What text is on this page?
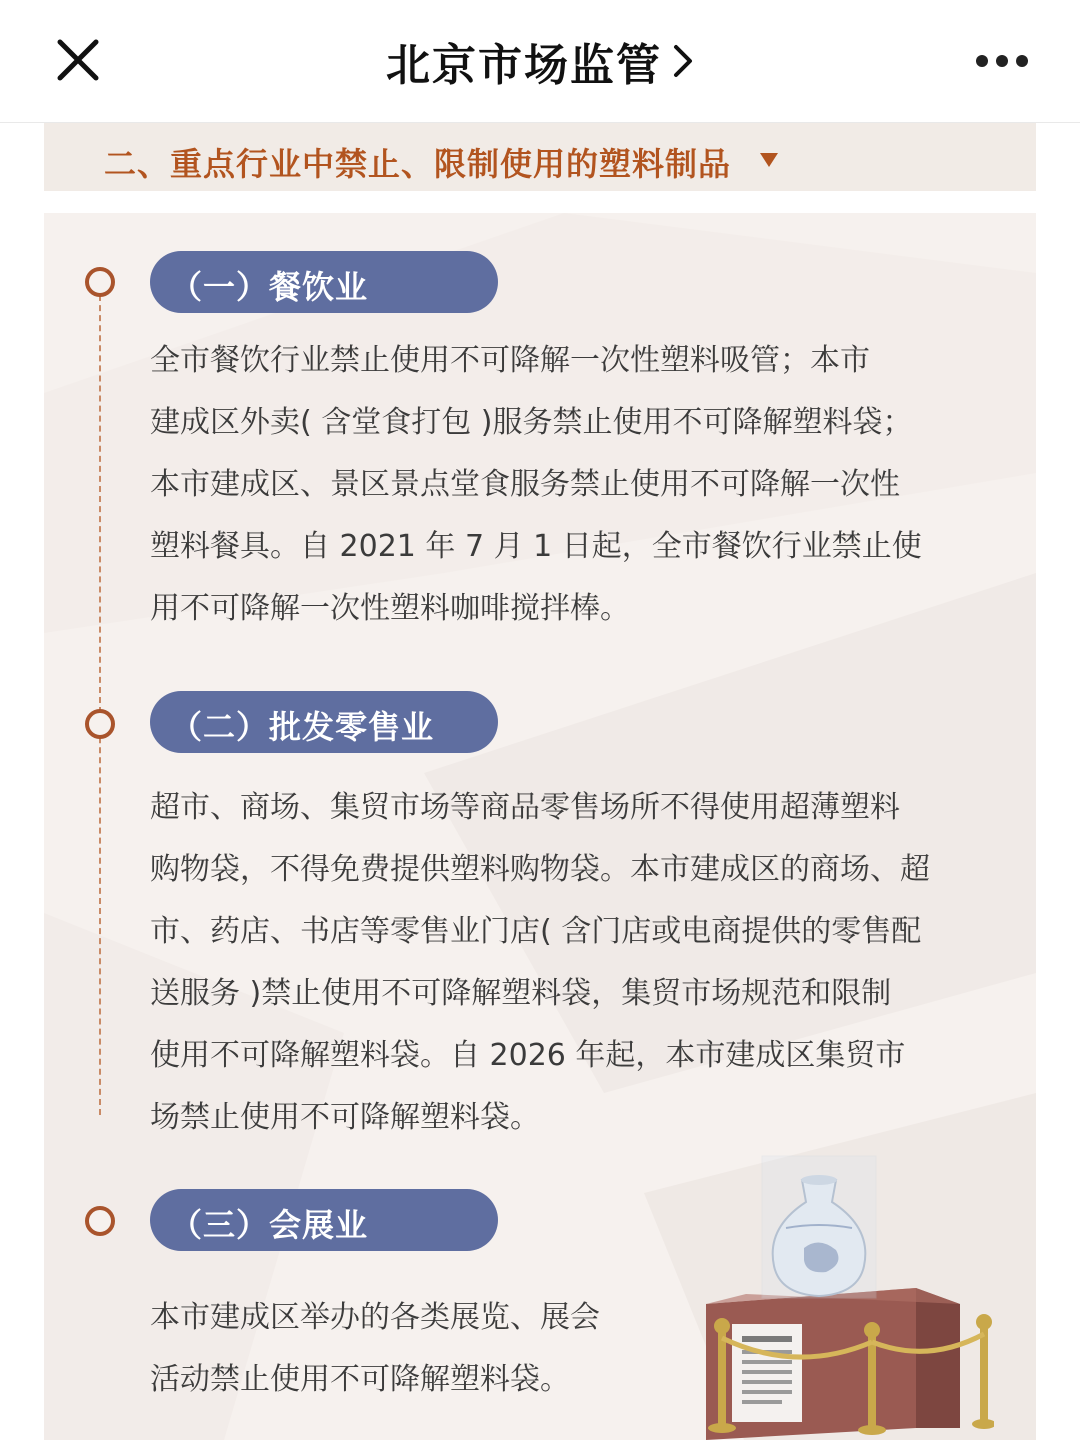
北京市场监管
二、重点行业中禁止、限制使用的塑料制品
（一）餐饮业
全市餐饮行业禁止使用不可降解一次性塑料吸管；本市
建成区外卖( 含堂食打包 )服务禁止使用不可降解塑料袋；
本市建成区、景区景点堂食服务禁止使用不可降解一次性
塑料餐具。自 2021 年 7 月 1 日起，全市餐饮行业禁止使
用不可降解一次性塑料咖啡搅拌棒。
（二）批发零售业
超市、商场、集贸市场等商品零售场所不得使用超薄塑料
购物袋，不得免费提供塑料购物袋。本市建成区的商场、超
市、药店、书店等零售业门店( 含门店或电商提供的零售配
送服务 )禁止使用不可降解塑料袋，集贸市场规范和限制
使用不可降解塑料袋。自 2026 年起，本市建成区集贸市
场禁止使用不可降解塑料袋。
（三）会展业
本市建成区举办的各类展览、展会
活动禁止使用不可降解塑料袋。
